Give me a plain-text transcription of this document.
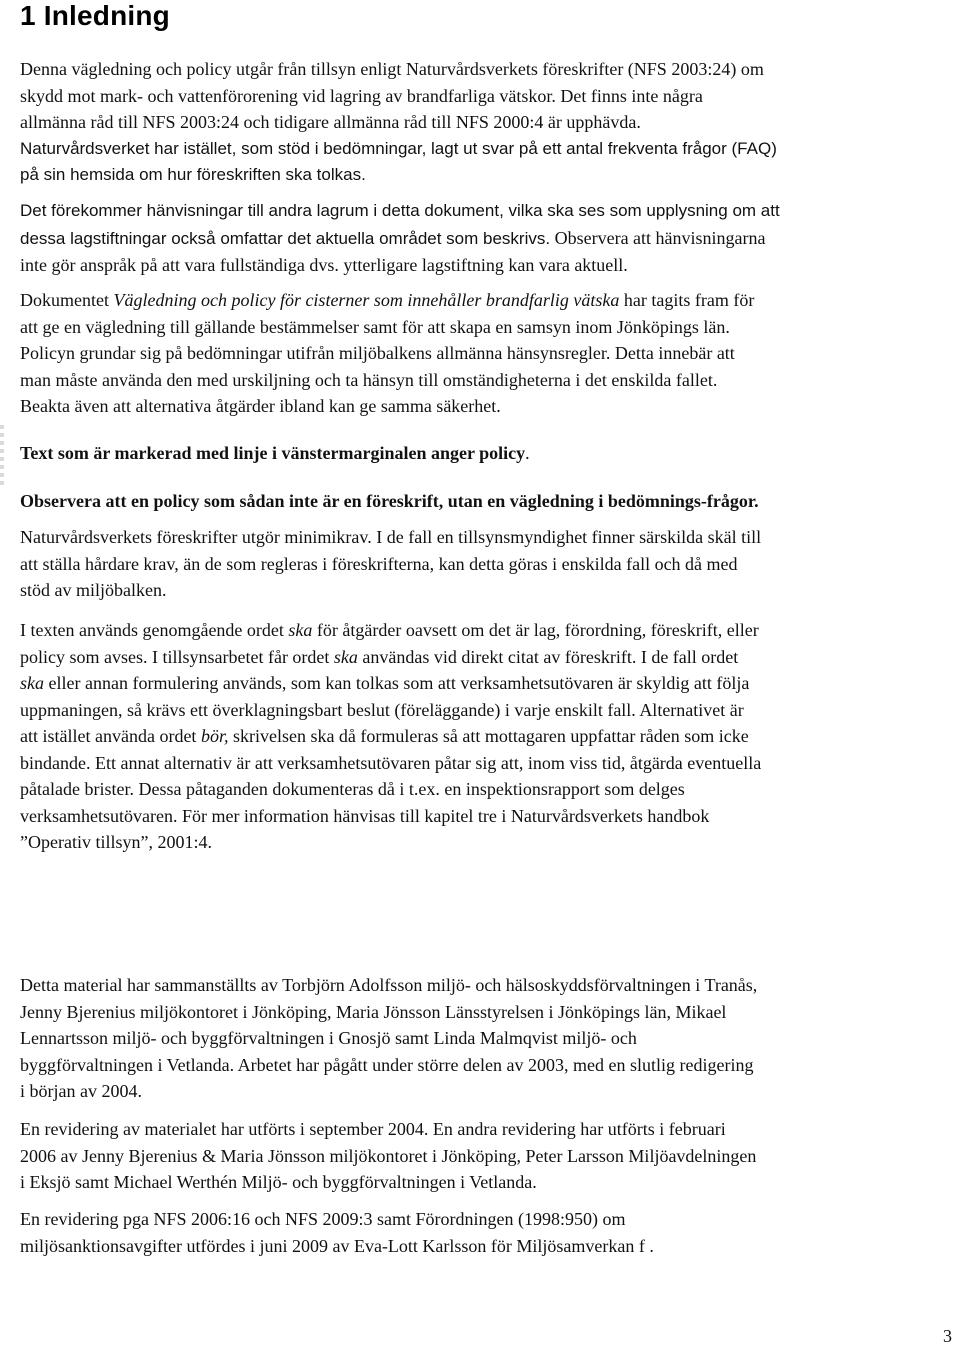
1 Inledning

Denna vägledning och policy utgår från tillsyn enligt Naturvårdsverkets föreskrifter (NFS 2003:24) om
skydd mot mark- och vattenförorening vid lagring av brandfarliga vätskor. Det finns inte några
allmänna råd till NFS 2003:24 och tidigare allmänna råd till NFS 2000:4 är upphävda.
Naturvårdsverket har istället, som stöd i bedömningar, lagt ut svar på ett antal frekventa frågor (FAQ)
på sin hemsida om hur föreskriften ska tolkas.

Det förekommer hänvisningar till andra lagrum i detta dokument, vilka ska ses som upplysning om att
dessa lagstiftningar också omfattar det aktuella området som beskrivs. Observera att hänvisningarna
inte gör anspråk på att vara fullständiga dvs. ytterligare lagstiftning kan vara aktuell.

Dokumentet Vägledning och policy för cisterner som innehåller brandfarlig vätska har tagits fram för
att ge en vägledning till gällande bestämmelser samt för att skapa en samsyn inom Jönköpings län.
Policyn grundar sig på bedömningar utifrån miljöbalkens allmänna hänsynsregler. Detta innebär att
man måste använda den med urskiljning och ta hänsyn till omständigheterna i det enskilda fallet.
Beakta även att alternativa åtgärder ibland kan ge samma säkerhet.

Text som är markerad med linje i vänstermarginalen anger policy.

Observera att en policy som sådan inte är en föreskrift, utan en vägledning i bedömnings-frågor.

Naturvårdsverkets föreskrifter utgör minimikrav. I de fall en tillsynsmyndighet finner särskilda skäl till
att ställa hårdare krav, än de som regleras i föreskrifterna, kan detta göras i enskilda fall och då med
stöd av miljöbalken.

I texten används genomgående ordet ska för åtgärder oavsett om det är lag, förordning, föreskrift, eller
policy som avses. I tillsynsarbetet får ordet ska användas vid direkt citat av föreskrift. I de fall ordet
ska eller annan formulering används, som kan tolkas som att verksamhetsutövaren är skyldig att följa
uppmaningen, så krävs ett överklagningsbart beslut (föreläggande) i varje enskilt fall. Alternativet är
att istället använda ordet bör, skrivelsen ska då formuleras så att mottagaren uppfattar råden som icke
bindande. Ett annat alternativ är att verksamhetsutövaren påtar sig att, inom viss tid, åtgärda eventuella
påtalade brister. Dessa påtaganden dokumenteras då i t.ex. en inspektionsrapport som delges
verksamhetsutövaren. För mer information hänvisas till kapitel tre i Naturvårdsverkets handbok
”Operativ tillsyn”, 2001:4.

Detta material har sammanställts av Torbjörn Adolfsson miljö- och hälsoskyddsförvaltningen i Tranås,
Jenny Bjerenius miljökontoret i Jönköping, Maria Jönsson Länsstyrelsen i Jönköpings län, Mikael
Lennartsson miljö- och byggförvaltningen i Gnosjö samt Linda Malmqvist miljö- och
byggförvaltningen i Vetlanda. Arbetet har pågått under större delen av 2003, med en slutlig redigering
i början av 2004.

En revidering av materialet har utförts i september 2004. En andra revidering har utförts i februari
2006 av Jenny Bjerenius & Maria Jönsson miljökontoret i Jönköping, Peter Larsson Miljöavdelningen
i Eksjö samt Michael Werthén Miljö- och byggförvaltningen i Vetlanda.

En revidering pga NFS 2006:16 och NFS 2009:3 samt Förordningen (1998:950) om
miljösanktionsavgifter utfördes i juni 2009 av Eva-Lott Karlsson för Miljösamverkan f .

3
